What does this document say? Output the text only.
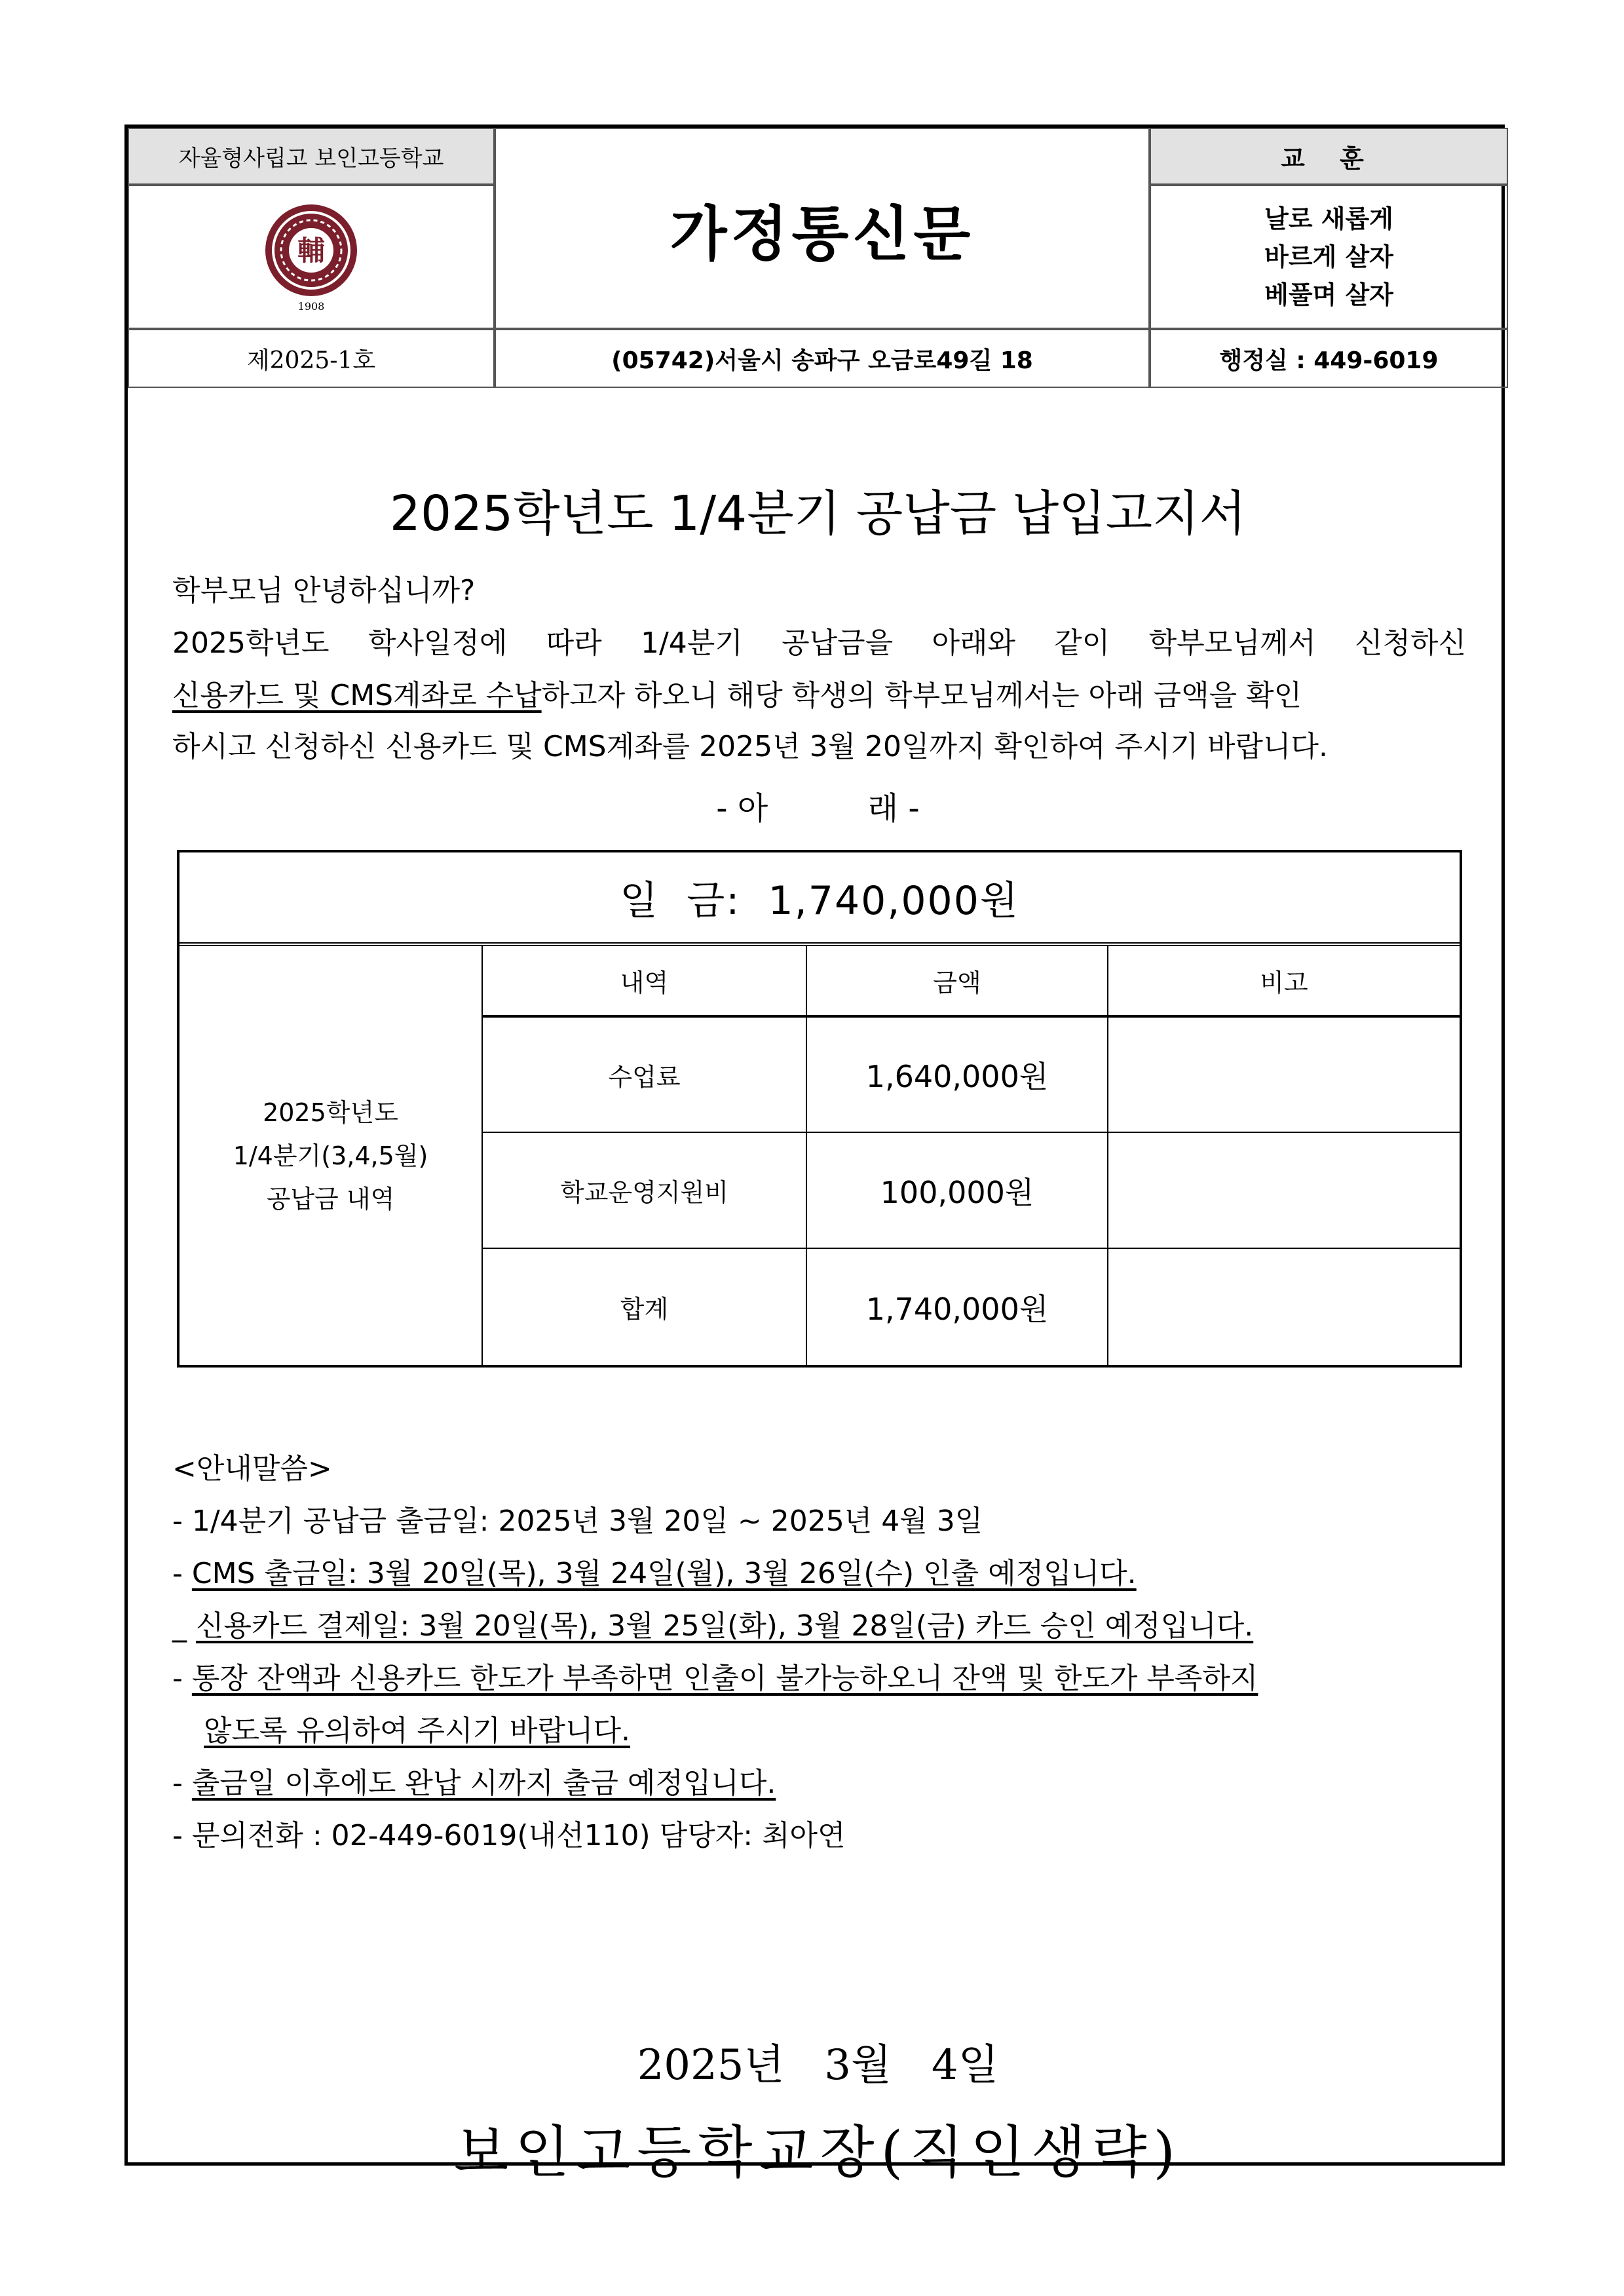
자율형사립고 보인고등학교
輔
1908
가정통신문
교 훈
날로 새롭게
바르게 살자
베풀며 살자
제2025-1호	(05742)서울시 송파구 오금로49길 18	행정실 : 449-6019
2025학년도 1/4분기 공납금 납입고지서
학부모님 안녕하십니까?
2025학년도 학사일정에 따라 1/4분기 공납금을 아래와 같이 학부모님께서 신청하신
신용카드 및 CMS계좌로 수납하고자 하오니 해당 학생의 학부모님께서는 아래 금액을 확인
하시고 신청하신 신용카드 및 CMS계좌를 2025년 3월 20일까지 확인하여 주시기 바랍니다.
- 아          래 -
일  금:  1,740,000원
2025학년도
1/4분기(3,4,5월)
공납금 내역
내역	금액	비고
수업료	1,640,000원
학교운영지원비	100,000원
합계	1,740,000원
<안내말씀>
- 1/4분기 공납금 출금일: 2025년 3월 20일 ~ 2025년 4월 3일
- CMS 출금일: 3월 20일(목), 3월 24일(월), 3월 26일(수) 인출 예정입니다.
_ 신용카드 결제일: 3월 20일(목), 3월 25일(화), 3월 28일(금) 카드 승인 예정입니다.
- 통장 잔액과 신용카드 한도가 부족하면 인출이 불가능하오니 잔액 및 한도가 부족하지
않도록 유의하여 주시기 바랍니다.
- 출금일 이후에도 완납 시까지 출금 예정입니다.
- 문의전화 : 02-449-6019(내선110) 담당자: 최아연
2025년   3월   4일
보인고등학교장(직인생략)
